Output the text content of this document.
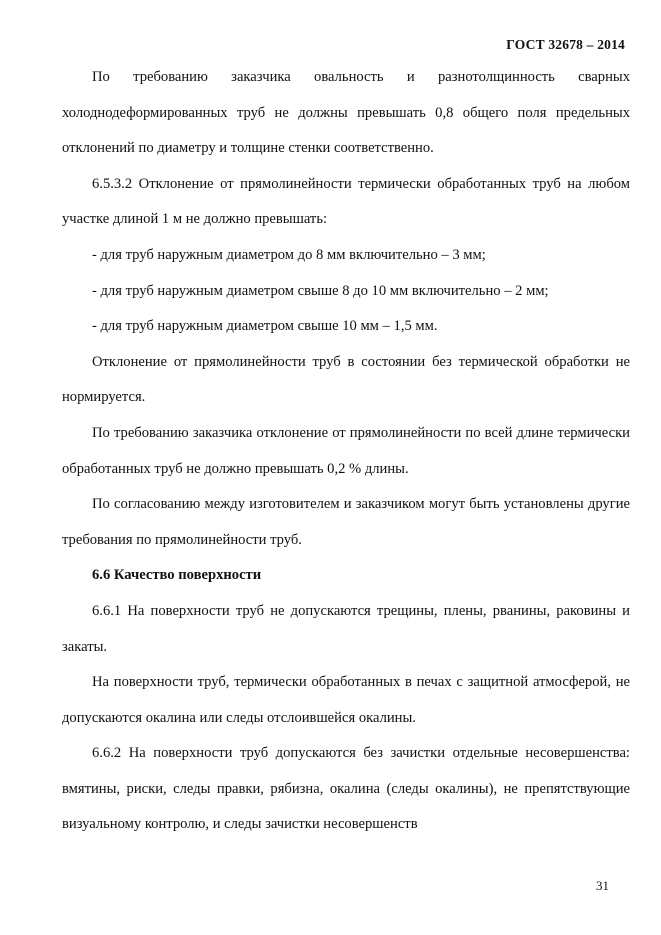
ГОСТ 32678 – 2014

По требованию заказчика овальность и разнотолщинность сварных холоднодеформированных труб не должны превышать 0,8 общего поля предельных отклонений по диаметру и толщине стенки соответственно.

6.5.3.2 Отклонение от прямолинейности термически обработанных труб на любом участке длиной 1 м не должно превышать:

- для труб наружным диаметром до 8 мм включительно – 3 мм;

- для труб наружным диаметром свыше 8 до 10 мм включительно – 2 мм;

- для труб наружным диаметром свыше 10 мм – 1,5 мм.

Отклонение от прямолинейности труб в состоянии без термической обработки не нормируется.

По требованию заказчика отклонение от прямолинейности по всей длине термически обработанных труб не должно превышать 0,2 % длины.

По согласованию между изготовителем и заказчиком могут быть установлены другие требования по прямолинейности труб.

6.6 Качество поверхности

6.6.1 На поверхности труб не допускаются трещины, плены, рванины, раковины и закаты.

На поверхности труб, термически обработанных в печах с защитной атмосферой, не допускаются окалина или следы отслоившейся окалины.

6.6.2 На поверхности труб допускаются без зачистки отдельные несовершенства: вмятины, риски, следы правки, рябизна, окалина (следы окалины), не препятствующие визуальному контролю, и следы зачистки несовершенств

31
